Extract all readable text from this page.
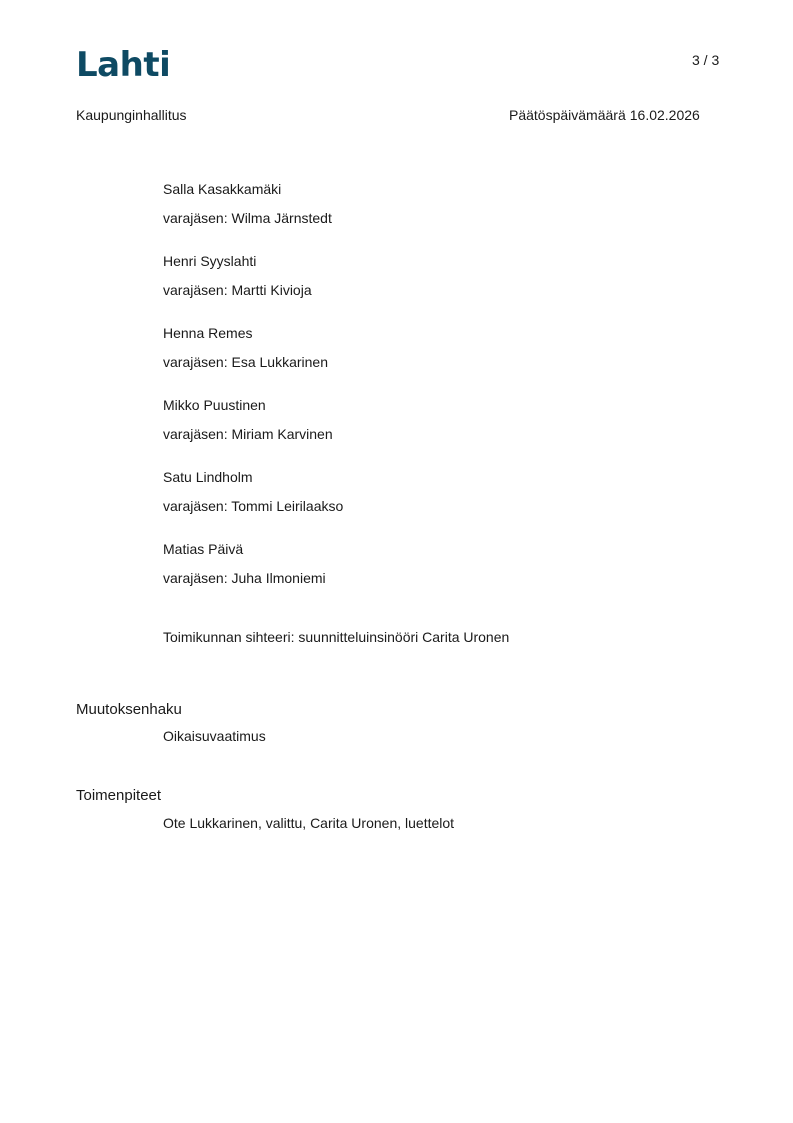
Lahti	3 / 3
Kaupunginhallitus	Päätöspäivämäärä 16.02.2026
Salla Kasakkamäki
varajäsen: Wilma Järnstedt
Henri Syyslahti
varajäsen: Martti Kivioja
Henna Remes
varajäsen: Esa Lukkarinen
Mikko Puustinen
varajäsen: Miriam Karvinen
Satu Lindholm
varajäsen: Tommi Leirilaakso
Matias Päivä
varajäsen: Juha Ilmoniemi
Toimikunnan sihteeri: suunnitteluinsinööri Carita Uronen
Muutoksenhaku
Oikaisuvaatimus
Toimenpiteet
Ote Lukkarinen, valittu, Carita Uronen, luettelot
